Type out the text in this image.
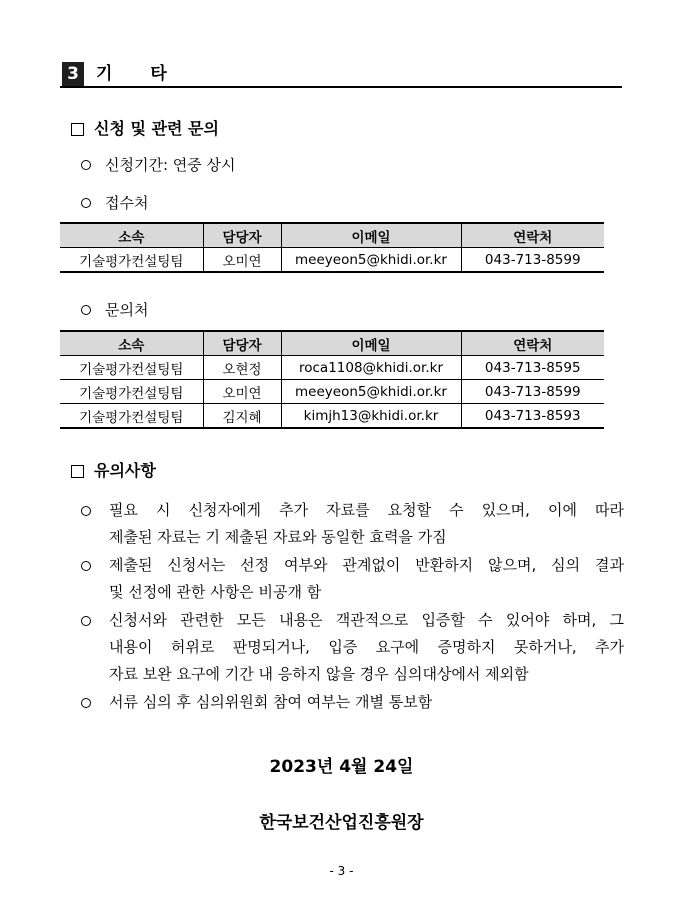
3 기타
신청 및 관련 문의
신청기간: 연중 상시
접수처
소속	담당자	이메일	연락처
기술평가컨설팅팀	오미연	meeyeon5@khidi.or.kr	043-713-8599
문의처
소속	담당자	이메일	연락처
기술평가컨설팅팀	오현정	roca1108@khidi.or.kr	043-713-8595
기술평가컨설팅팀	오미연	meeyeon5@khidi.or.kr	043-713-8599
기술평가컨설팅팀	김지혜	kimjh13@khidi.or.kr	043-713-8593
유의사항
필요 시 신청자에게 추가 자료를 요청할 수 있으며, 이에 따라
제출된 자료는 기 제출된 자료와 동일한 효력을 가짐
제출된 신청서는 선정 여부와 관계없이 반환하지 않으며, 심의 결과
및 선정에 관한 사항은 비공개 함
신청서와 관련한 모든 내용은 객관적으로 입증할 수 있어야 하며, 그
내용이 허위로 판명되거나, 입증 요구에 증명하지 못하거나, 추가
자료 보완 요구에 기간 내 응하지 않을 경우 심의대상에서 제외함
서류 심의 후 심의위원회 참여 여부는 개별 통보함
2023년 4월 24일
한국보건산업진흥원장
- 3 -
